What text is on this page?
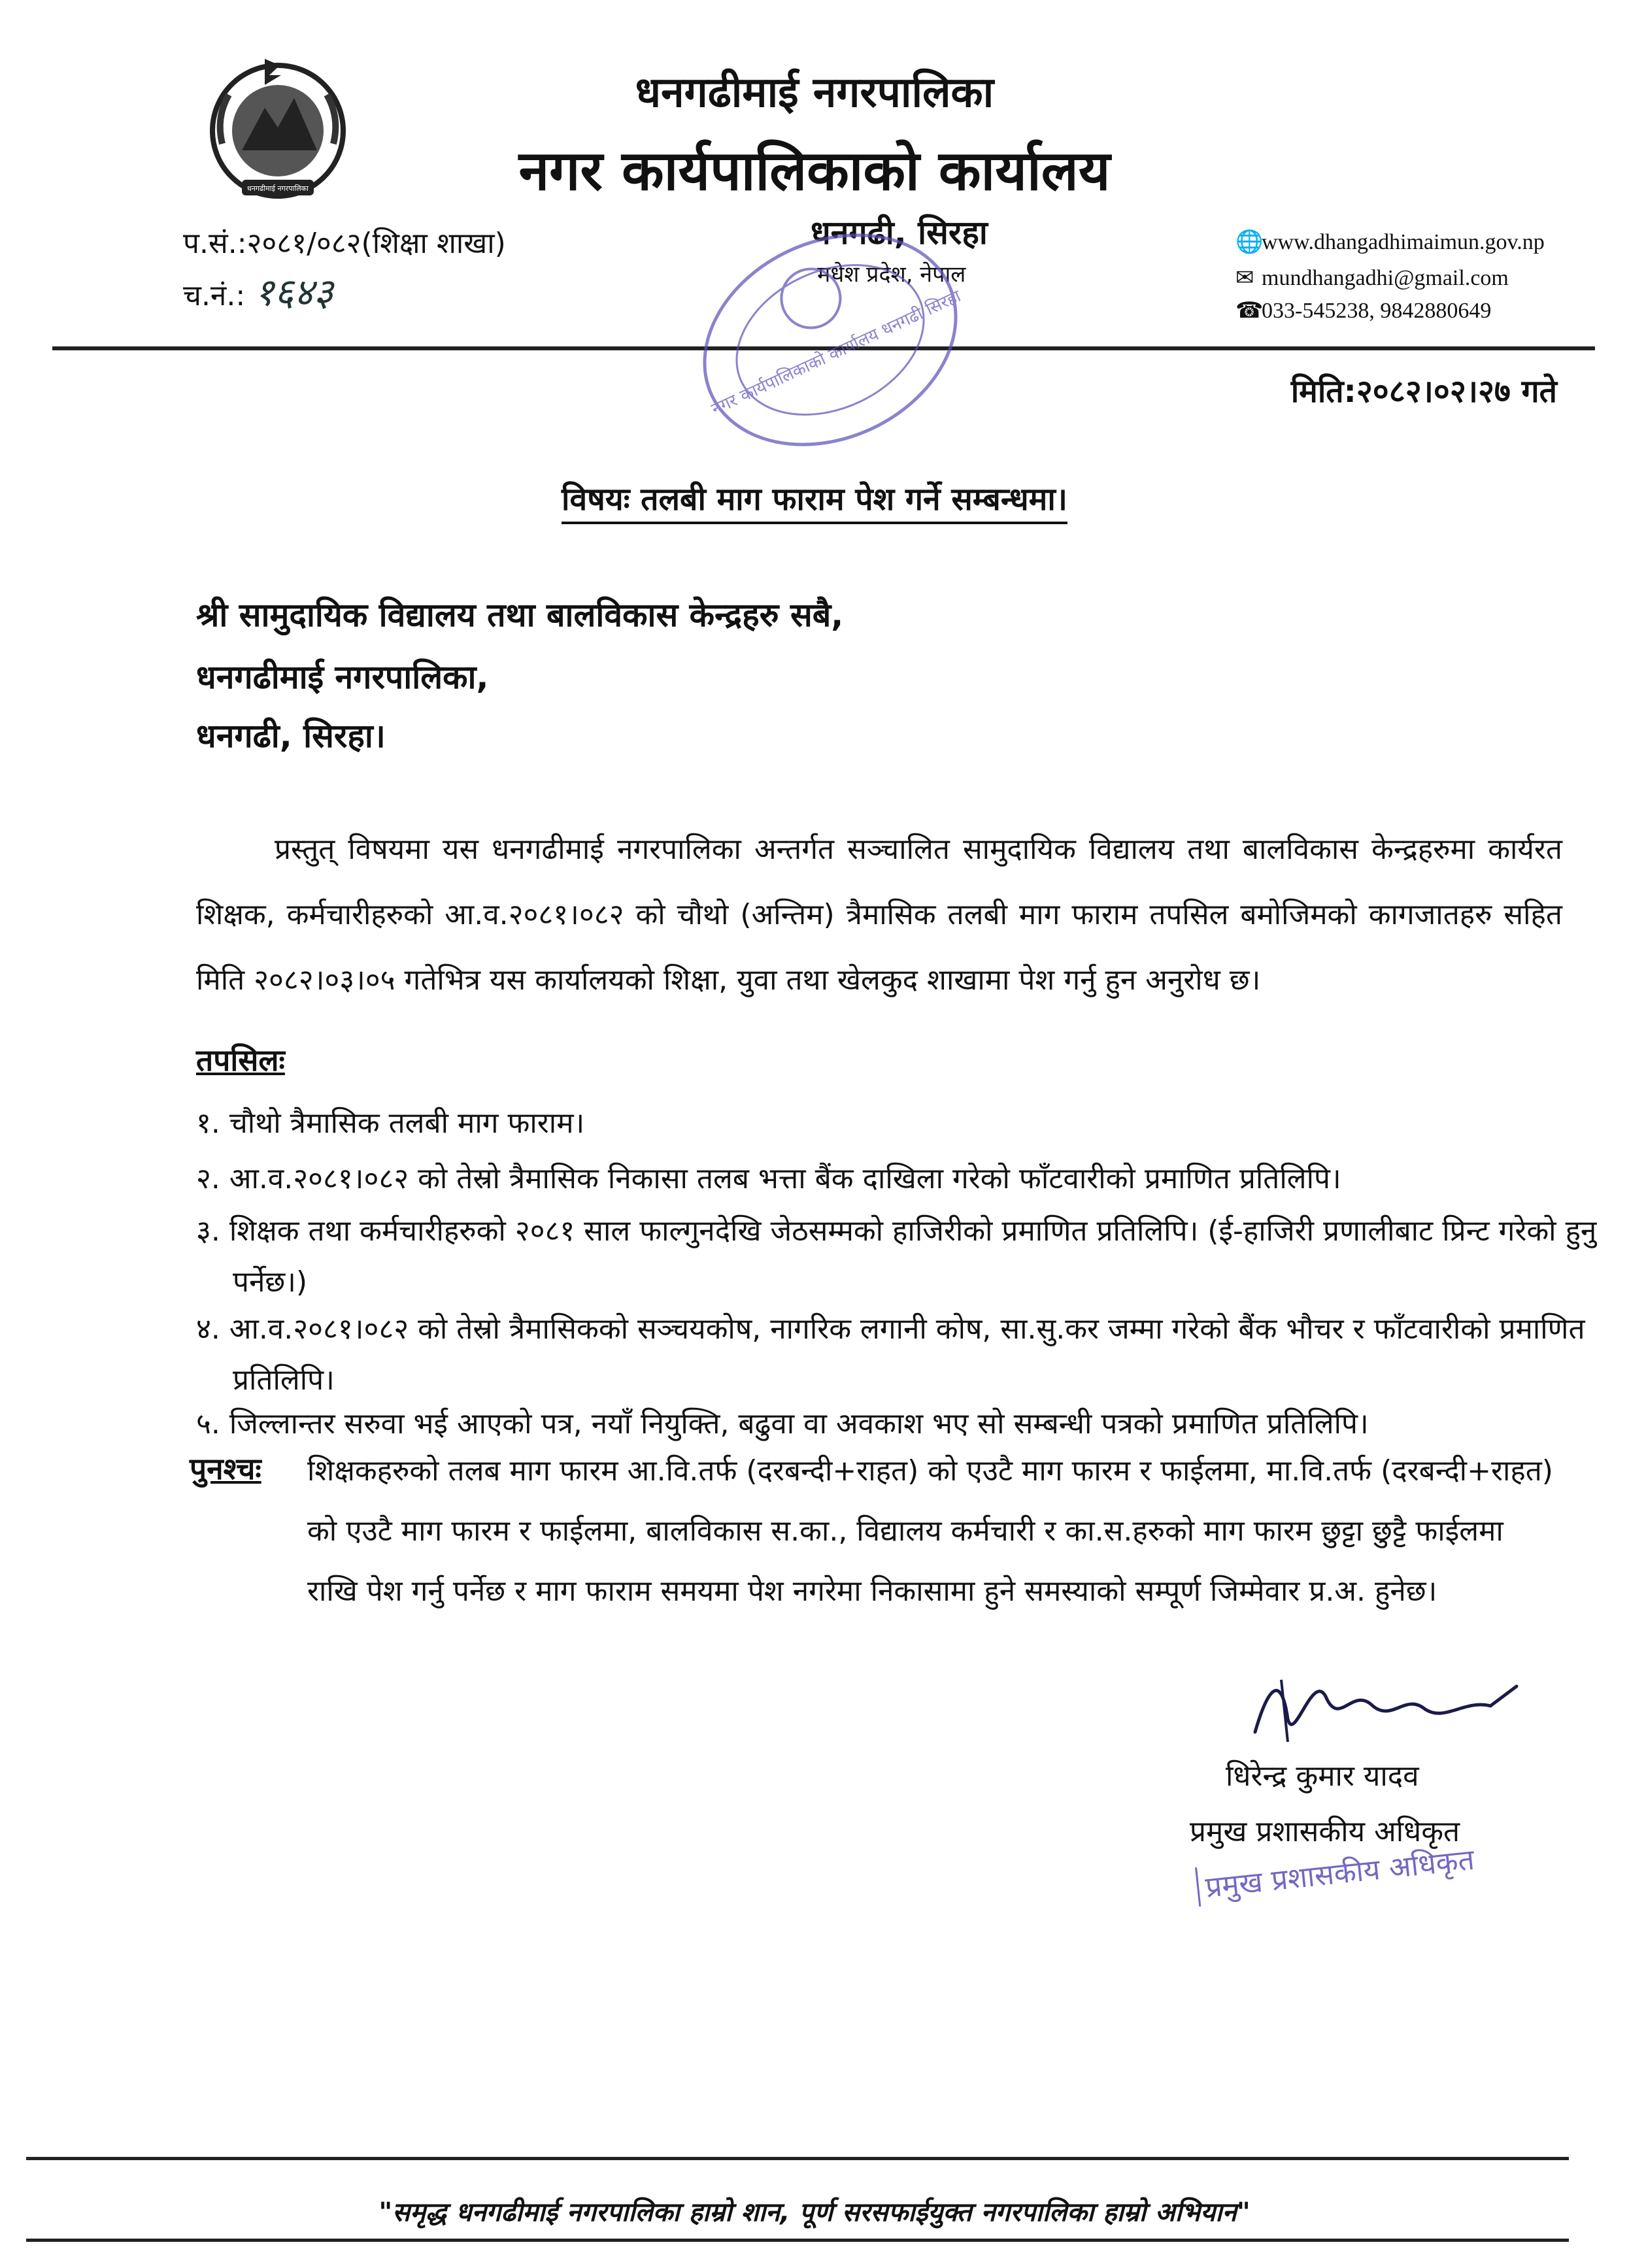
धनगढीमाई नगरपालिका
धनगढीमाई नगरपालिका
नगर कार्यपालिकाको कार्यालय
प.सं.:२०८१/०८२(शिक्षा शाखा)
च.नं.: १६४३
धनगढी, सिरहा
मधेश प्रदेश, नेपाल
🌐www.dhangadhimaimun.gov.np
✉ mundhangadhi@gmail.com
☎033-545238, 9842880649
नगर कार्यपालिकाको कार्यालय धनगढी सिरहा	मिति:२०८२।०२।२७ गते
विषयः तलबी माग फाराम पेश गर्ने सम्बन्धमा।
श्री सामुदायिक विद्यालय तथा बालविकास केन्द्रहरु सबै,
धनगढीमाई नगरपालिका,
धनगढी, सिरहा।
प्रस्तुत् विषयमा यस धनगढीमाई नगरपालिका अन्तर्गत सञ्चालित सामुदायिक विद्यालय तथा बालविकास केन्द्रहरुमा कार्यरत शिक्षक, कर्मचारीहरुको आ.व.२०८१।०८२ को चौथो (अन्तिम) त्रैमासिक तलबी माग फाराम तपसिल बमोजिमको कागजातहरु सहित मिति २०८२।०३।०५ गतेभित्र यस कार्यालयको शिक्षा, युवा तथा खेलकुद शाखामा पेश गर्नु हुन अनुरोध छ।
तपसिलः
१. चौथो त्रैमासिक तलबी माग फाराम।
२. आ.व.२०८१।०८२ को तेस्रो त्रैमासिक निकासा तलब भत्ता बैंक दाखिला गरेको फाँटवारीको प्रमाणित प्रतिलिपि।
३. शिक्षक तथा कर्मचारीहरुको २०८१ साल फाल्गुनदेखि जेठसम्मको हाजिरीको प्रमाणित प्रतिलिपि। (ई-हाजिरी प्रणालीबाट प्रिन्ट गरेको हुनु पर्नेछ।)
४. आ.व.२०८१।०८२ को तेस्रो त्रैमासिकको सञ्चयकोष, नागरिक लगानी कोष, सा.सु.कर जम्मा गरेको बैंक भौचर र फाँटवारीको प्रमाणित प्रतिलिपि।
५. जिल्लान्तर सरुवा भई आएको पत्र, नयाँ नियुक्ति, बढुवा वा अवकाश भए सो सम्बन्धी पत्रको प्रमाणित प्रतिलिपि।
पुनश्चः शिक्षकहरुको तलब माग फारम आ.वि.तर्फ (दरबन्दी+राहत) को एउटै माग फारम र फाईलमा, मा.वि.तर्फ (दरबन्दी+राहत) को एउटै माग फारम र फाईलमा, बालविकास स.का., विद्यालय कर्मचारी र का.स.हरुको माग फारम छुट्टा छुट्टै फाईलमा राखि पेश गर्नु पर्नेछ र माग फाराम समयमा पेश नगरेमा निकासामा हुने समस्याको सम्पूर्ण जिम्मेवार प्र.अ. हुनेछ।
धिरेन्द्र कुमार यादव
प्रमुख प्रशासकीय अधिकृत
प्रमुख प्रशासकीय अधिकृत
"समृद्ध धनगढीमाई नगरपालिका हाम्रो शान, पूर्ण सरसफाईयुक्त नगरपालिका हाम्रो अभियान"
